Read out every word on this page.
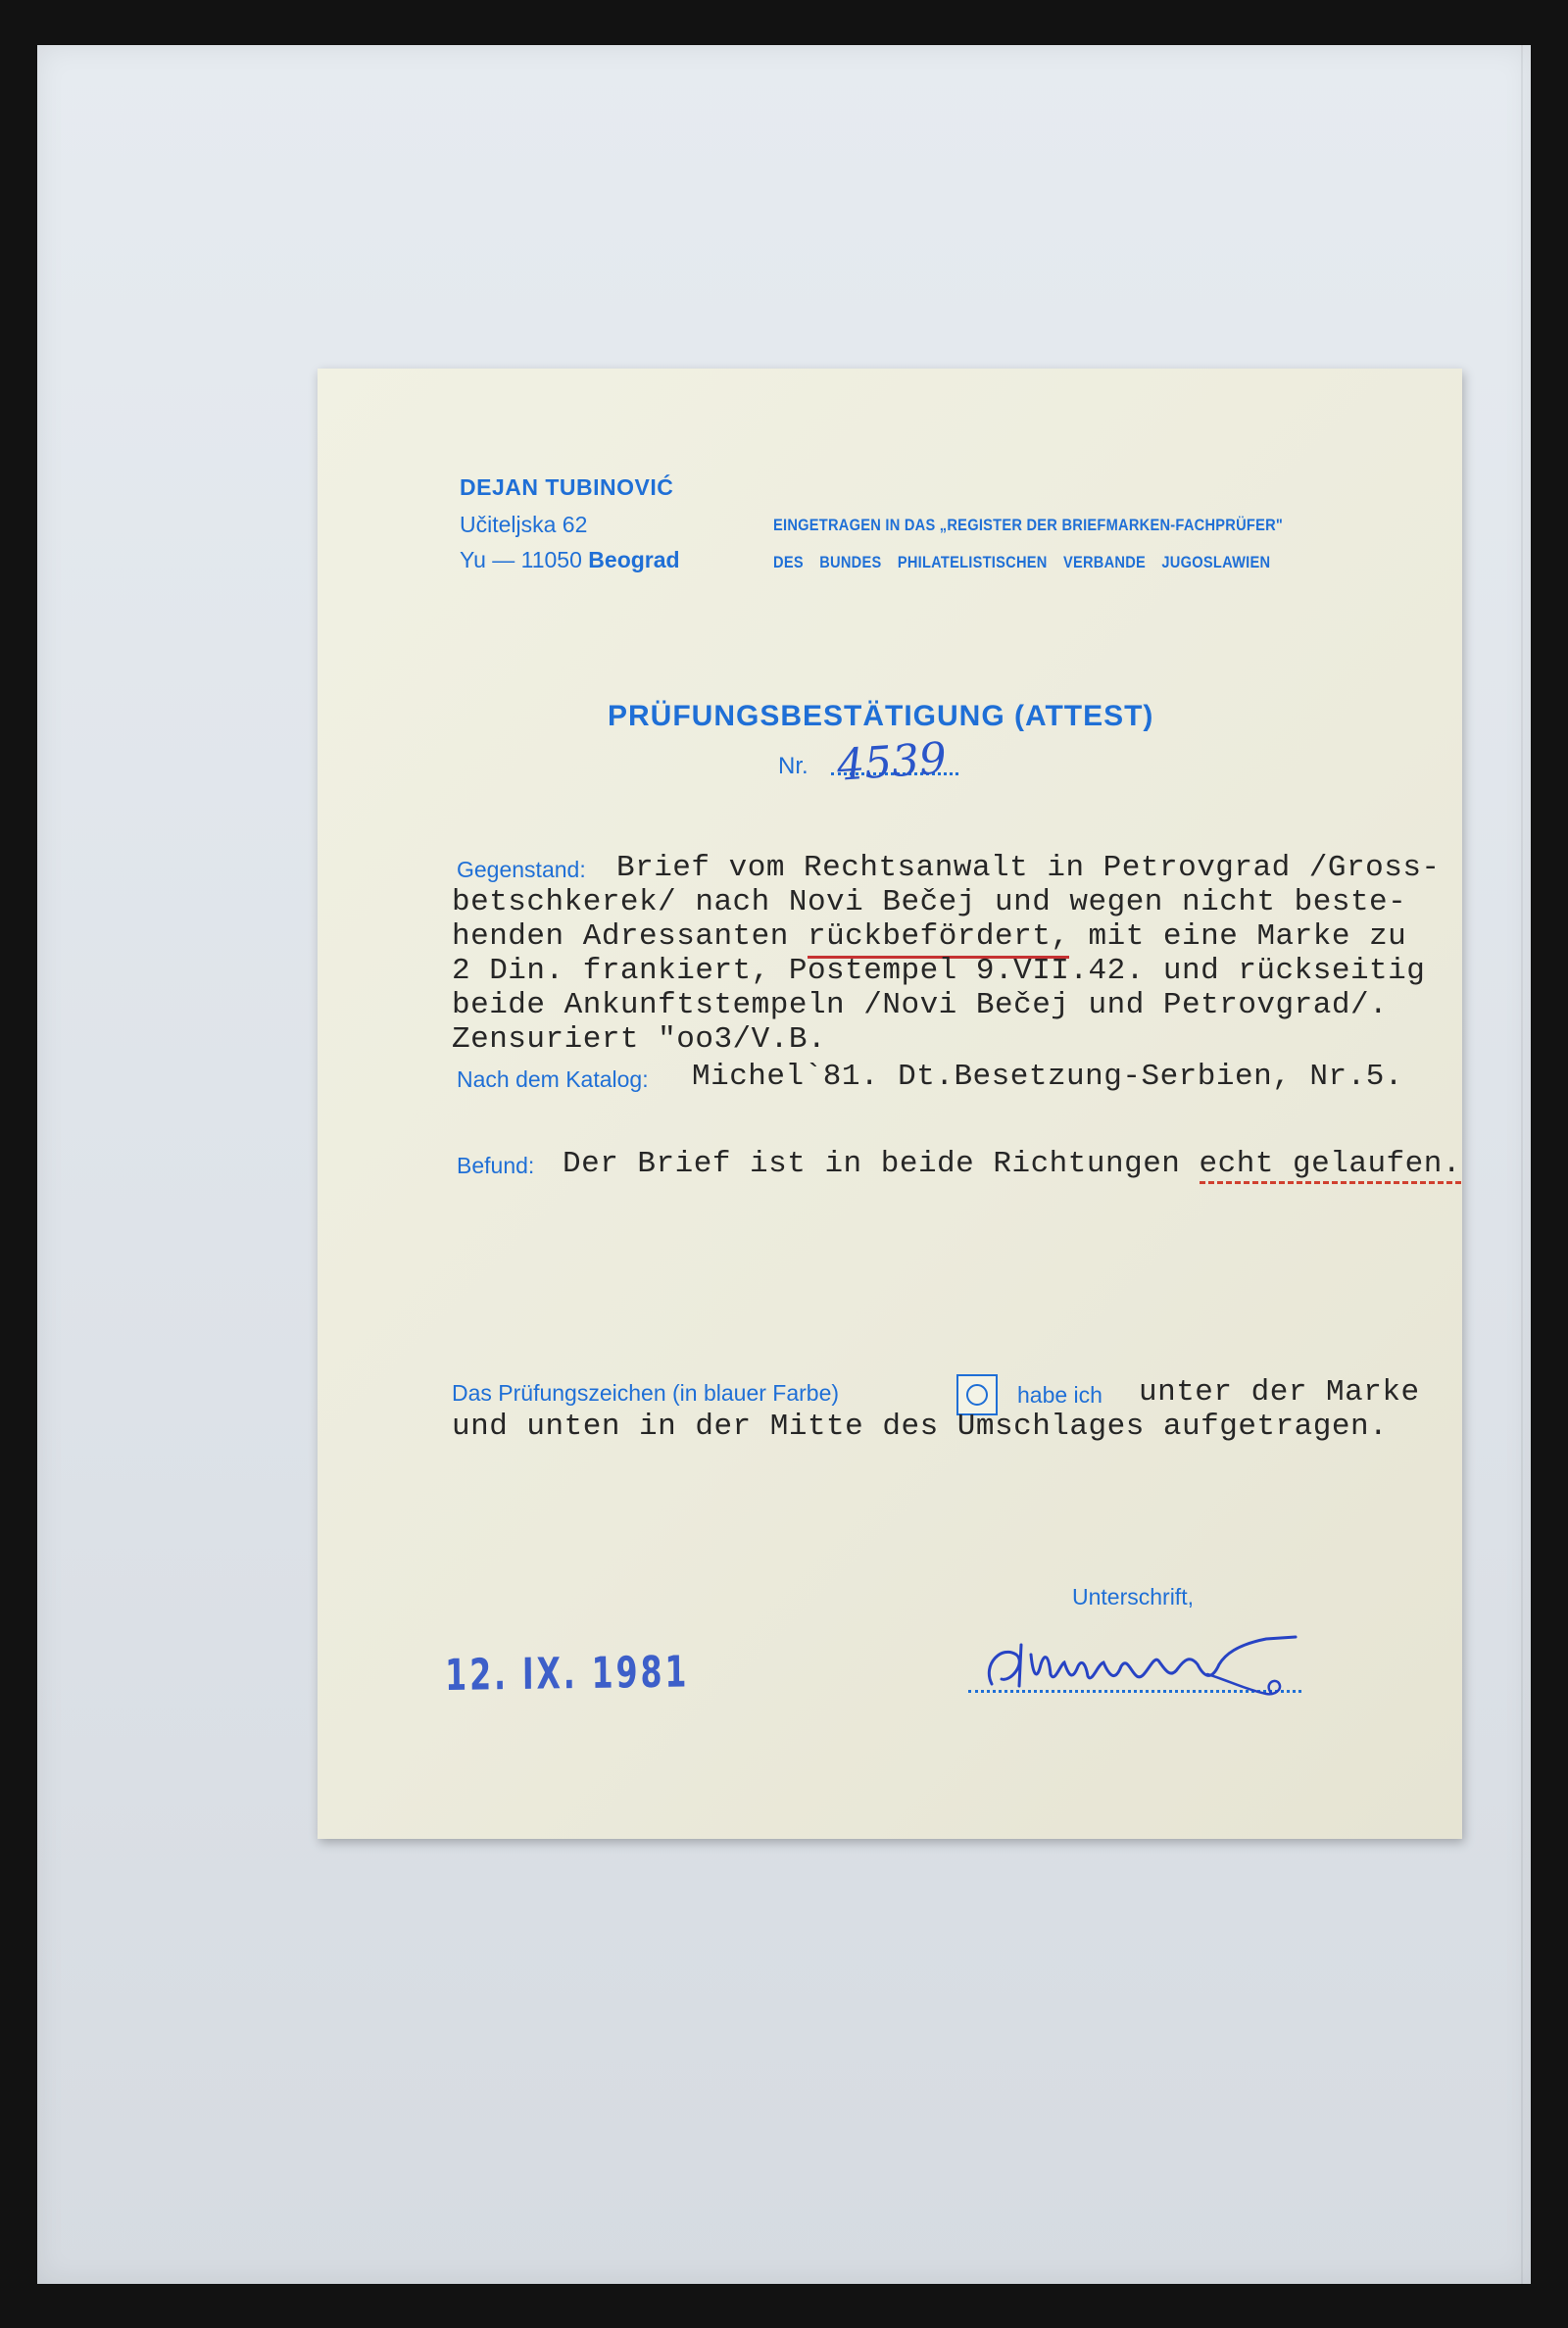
DEJAN TUBINOVIĆ
Učiteljska 62
Yu — 11050 Beograd
EINGETRAGEN IN DAS „REGISTER DER BRIEFMARKEN-FACHPRÜFER"
DES BUNDES PHILATELISTISCHEN VERBANDE JUGOSLAWIEN
PRÜFUNGSBESTÄTIGUNG (ATTEST)
Nr. 4539
Gegenstand: Brief vom Rechtsanwalt in Petrovgrad /Gross-
betschkerek/ nach Novi Bečej und wegen nicht beste-
henden Adressanten rückbefördert, mit eine Marke zu
2 Din. frankiert, Postempel 9.VII.42. und rückseitig
beide Ankunftstempeln /Novi Bečej und Petrovgrad/.
Zensuriert "oo3/V.B.
Nach dem Katalog: Michel`81. Dt.Besetzung-Serbien, Nr.5.
Befund: Der Brief ist in beide Richtungen echt gelaufen.
Das Prüfungszeichen (in blauer Farbe)	habe ich unter der Marke
und unten in der Mitte des Umschlages aufgetragen.
Unterschrift,
12. IX. 1981
